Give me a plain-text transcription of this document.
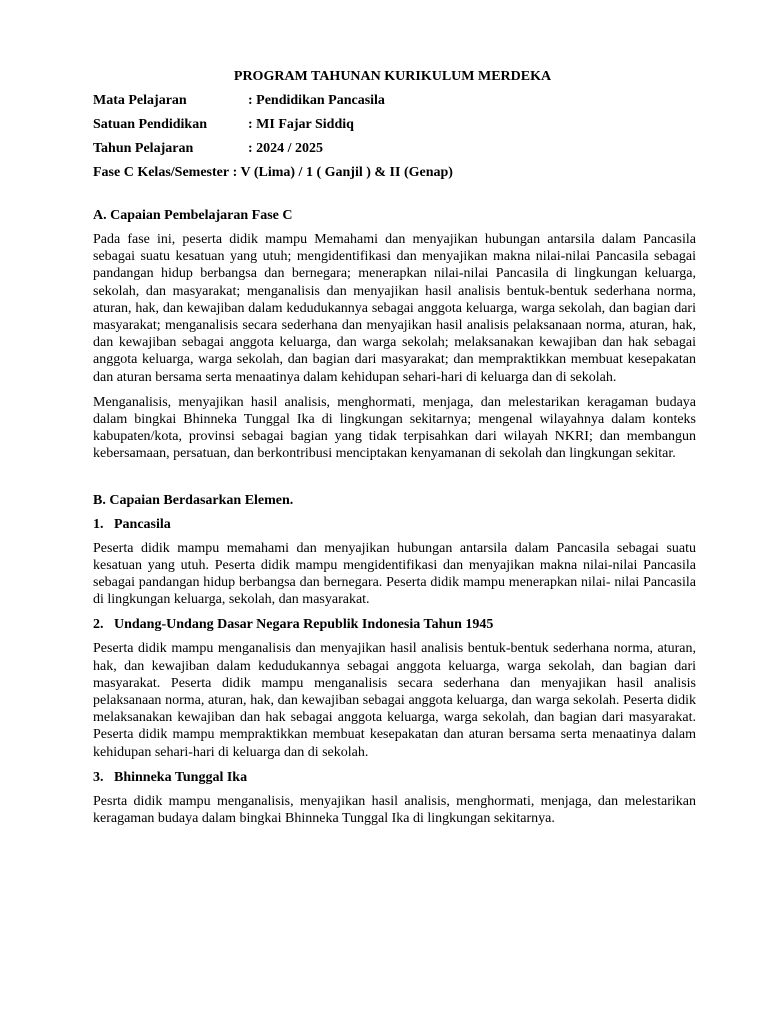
PROGRAM TAHUNAN KURIKULUM MERDEKA
Mata Pelajaran	: Pendidikan Pancasila
Satuan Pendidikan	: MI Fajar Siddiq
Tahun Pelajaran	: 2024 / 2025
Fase C Kelas/Semester : V (Lima) / 1 ( Ganjil ) & II (Genap)
A. Capaian Pembelajaran Fase C

Pada fase ini, peserta didik mampu Memahami dan menyajikan hubungan antarsila dalam Pancasila sebagai suatu kesatuan yang utuh; mengidentifikasi dan menyajikan makna nilai-nilai Pancasila sebagai pandangan hidup berbangsa dan bernegara; menerapkan nilai-nilai Pancasila di lingkungan keluarga, sekolah, dan masyarakat; menganalisis dan menyajikan hasil analisis bentuk-bentuk sederhana norma, aturan, hak, dan kewajiban dalam kedudukannya sebagai anggota keluarga, warga sekolah, dan bagian dari masyarakat; menganalisis secara sederhana dan menyajikan hasil analisis pelaksanaan norma, aturan, hak, dan kewajiban sebagai anggota keluarga, dan warga sekolah; melaksanakan kewajiban dan hak sebagai anggota keluarga, warga sekolah, dan bagian dari masyarakat; dan mempraktikkan membuat kesepakatan dan aturan bersama serta menaatinya dalam kehidupan sehari-hari di keluarga dan di sekolah.

Menganalisis, menyajikan hasil analisis, menghormati, menjaga, dan melestarikan keragaman budaya dalam bingkai Bhinneka Tunggal Ika di lingkungan sekitarnya; mengenal wilayahnya dalam konteks kabupaten/kota, provinsi sebagai bagian yang tidak terpisahkan dari wilayah NKRI; dan membangun kebersamaan, persatuan, dan berkontribusi menciptakan kenyamanan di sekolah dan lingkungan sekitar.

B. Capaian Berdasarkan Elemen.
1. Pancasila

Peserta didik mampu memahami dan menyajikan hubungan antarsila dalam Pancasila sebagai suatu kesatuan yang utuh. Peserta didik mampu mengidentifikasi dan menyajikan makna nilai-nilai Pancasila sebagai pandangan hidup berbangsa dan bernegara. Peserta didik mampu menerapkan nilai- nilai Pancasila di lingkungan keluarga, sekolah, dan masyarakat.

2. Undang-Undang Dasar Negara Republik Indonesia Tahun 1945

Peserta didik mampu menganalisis dan menyajikan hasil analisis bentuk-bentuk sederhana norma, aturan, hak, dan kewajiban dalam kedudukannya sebagai anggota keluarga, warga sekolah, dan bagian dari masyarakat. Peserta didik mampu menganalisis secara sederhana dan menyajikan hasil analisis pelaksanaan norma, aturan, hak, dan kewajiban sebagai anggota keluarga, dan warga sekolah. Peserta didik melaksanakan kewajiban dan hak sebagai anggota keluarga, warga sekolah, dan bagian dari masyarakat. Peserta didik mampu mempraktikkan membuat kesepakatan dan aturan bersama serta menaatinya dalam kehidupan sehari-hari di keluarga dan di sekolah.

3. Bhinneka Tunggal Ika

Pesrta didik mampu menganalisis, menyajikan hasil analisis, menghormati, menjaga, dan melestarikan keragaman budaya dalam bingkai Bhinneka Tunggal Ika di lingkungan sekitarnya.
